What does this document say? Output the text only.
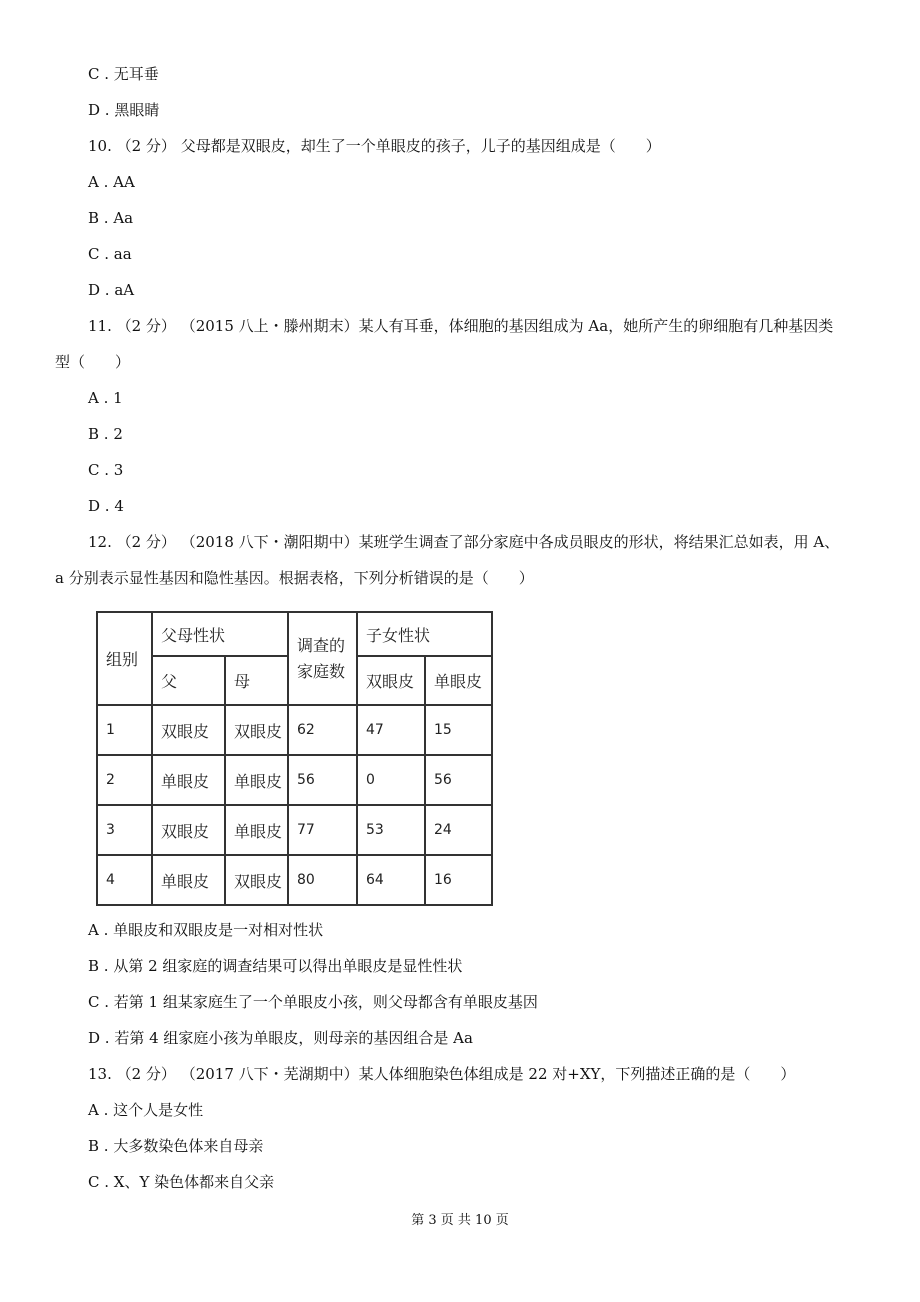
C . 无耳垂
D . 黑眼睛
10. （2 分） 父母都是双眼皮，却生了一个单眼皮的孩子，儿子的基因组成是（　　）
A . AA
B . Aa
C . aa
D . aA
11. （2 分） （2015 八上・滕州期末）某人有耳垂，体细胞的基因组成为 Aa，她所产生的卵细胞有几种基因类
型（　　）
A . 1
B . 2
C . 3
D . 4
12. （2 分） （2018 八下・潮阳期中）某班学生调查了部分家庭中各成员眼皮的形状，将结果汇总如表，用 A、
a 分别表示显性基因和隐性基因。根据表格，下列分析错误的是（　　）
组别	父母性状		调查的家庭数	子女性状	
	父	母		双眼皮	单眼皮
1	双眼皮	双眼皮	62	47	15
2	单眼皮	单眼皮	56	0	56
3	双眼皮	单眼皮	77	53	24
4	单眼皮	双眼皮	80	64	16
A . 单眼皮和双眼皮是一对相对性状
B . 从第 2 组家庭的调查结果可以得出单眼皮是显性性状
C . 若第 1 组某家庭生了一个单眼皮小孩，则父母都含有单眼皮基因
D . 若第 4 组家庭小孩为单眼皮，则母亲的基因组合是 Aa
13. （2 分） （2017 八下・芜湖期中）某人体细胞染色体组成是 22 对+XY，下列描述正确的是（　　）
A . 这个人是女性
B . 大多数染色体来自母亲
C . X、Y 染色体都来自父亲
第 3 页 共 10 页
